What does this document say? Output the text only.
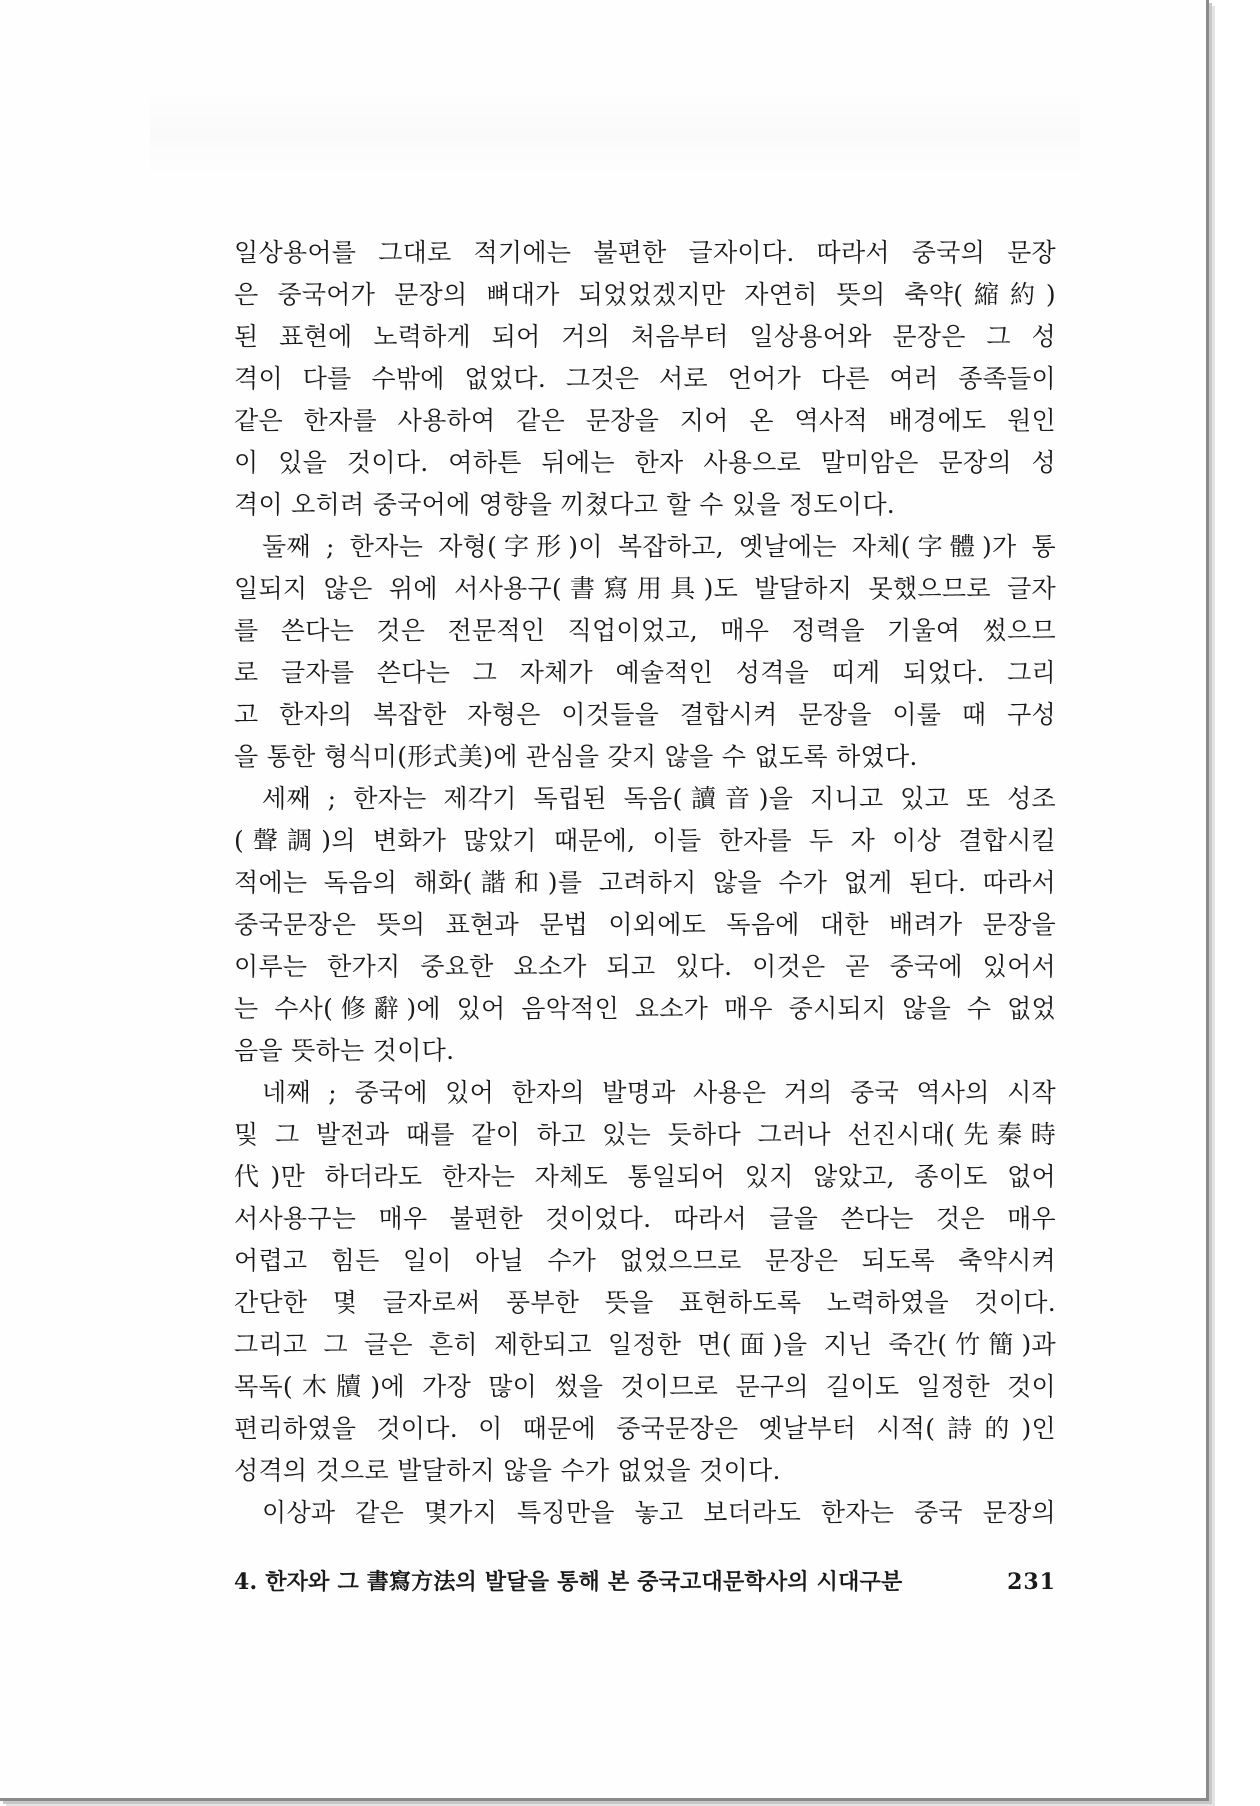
일상용어를 그대로 적기에는 불편한 글자이다. 따라서 중국의 문장
은 중국어가 문장의 뼈대가 되었었겠지만 자연히 뜻의 축약(縮約)
된 표현에 노력하게 되어 거의 처음부터 일상용어와 문장은 그 성
격이 다를 수밖에 없었다. 그것은 서로 언어가 다른 여러 종족들이
같은 한자를 사용하여 같은 문장을 지어 온 역사적 배경에도 원인
이 있을 것이다. 여하튼 뒤에는 한자 사용으로 말미암은 문장의 성
격이 오히려 중국어에 영향을 끼쳤다고 할 수 있을 정도이다.
둘째 ; 한자는 자형(字形)이 복잡하고, 옛날에는 자체(字體)가 통
일되지 않은 위에 서사용구(書寫用具)도 발달하지 못했으므로 글자
를 쓴다는 것은 전문적인 직업이었고, 매우 정력을 기울여 썼으므
로 글자를 쓴다는 그 자체가 예술적인 성격을 띠게 되었다. 그리
고 한자의 복잡한 자형은 이것들을 결합시켜 문장을 이룰 때 구성
을 통한 형식미(形式美)에 관심을 갖지 않을 수 없도록 하였다.
세째 ; 한자는 제각기 독립된 독음(讀音)을 지니고 있고 또 성조
(聲調)의 변화가 많았기 때문에, 이들 한자를 두 자 이상 결합시킬
적에는 독음의 해화(諧和)를 고려하지 않을 수가 없게 된다. 따라서
중국문장은 뜻의 표현과 문법 이외에도 독음에 대한 배려가 문장을
이루는 한가지 중요한 요소가 되고 있다. 이것은 곧 중국에 있어서
는 수사(修辭)에 있어 음악적인 요소가 매우 중시되지 않을 수 없었
음을 뜻하는 것이다.
네째 ; 중국에 있어 한자의 발명과 사용은 거의 중국 역사의 시작
및 그 발전과 때를 같이 하고 있는 듯하다 그러나 선진시대(先秦時
代)만 하더라도 한자는 자체도 통일되어 있지 않았고, 종이도 없어
서사용구는 매우 불편한 것이었다. 따라서 글을 쓴다는 것은 매우
어렵고 힘든 일이 아닐 수가 없었으므로 문장은 되도록 축약시켜
간단한 몇 글자로써 풍부한 뜻을 표현하도록 노력하였을 것이다.
그리고 그 글은 흔히 제한되고 일정한 면(面)을 지닌 죽간(竹簡)과
목독(木牘)에 가장 많이 썼을 것이므로 문구의 길이도 일정한 것이
편리하였을 것이다. 이 때문에 중국문장은 옛날부터 시적(詩的)인
성격의 것으로 발달하지 않을 수가 없었을 것이다.
이상과 같은 몇가지 특징만을 놓고 보더라도 한자는 중국 문장의
4. 한자와 그 書寫方法의 발달을 통해 본 중국고대문학사의 시대구분	231
